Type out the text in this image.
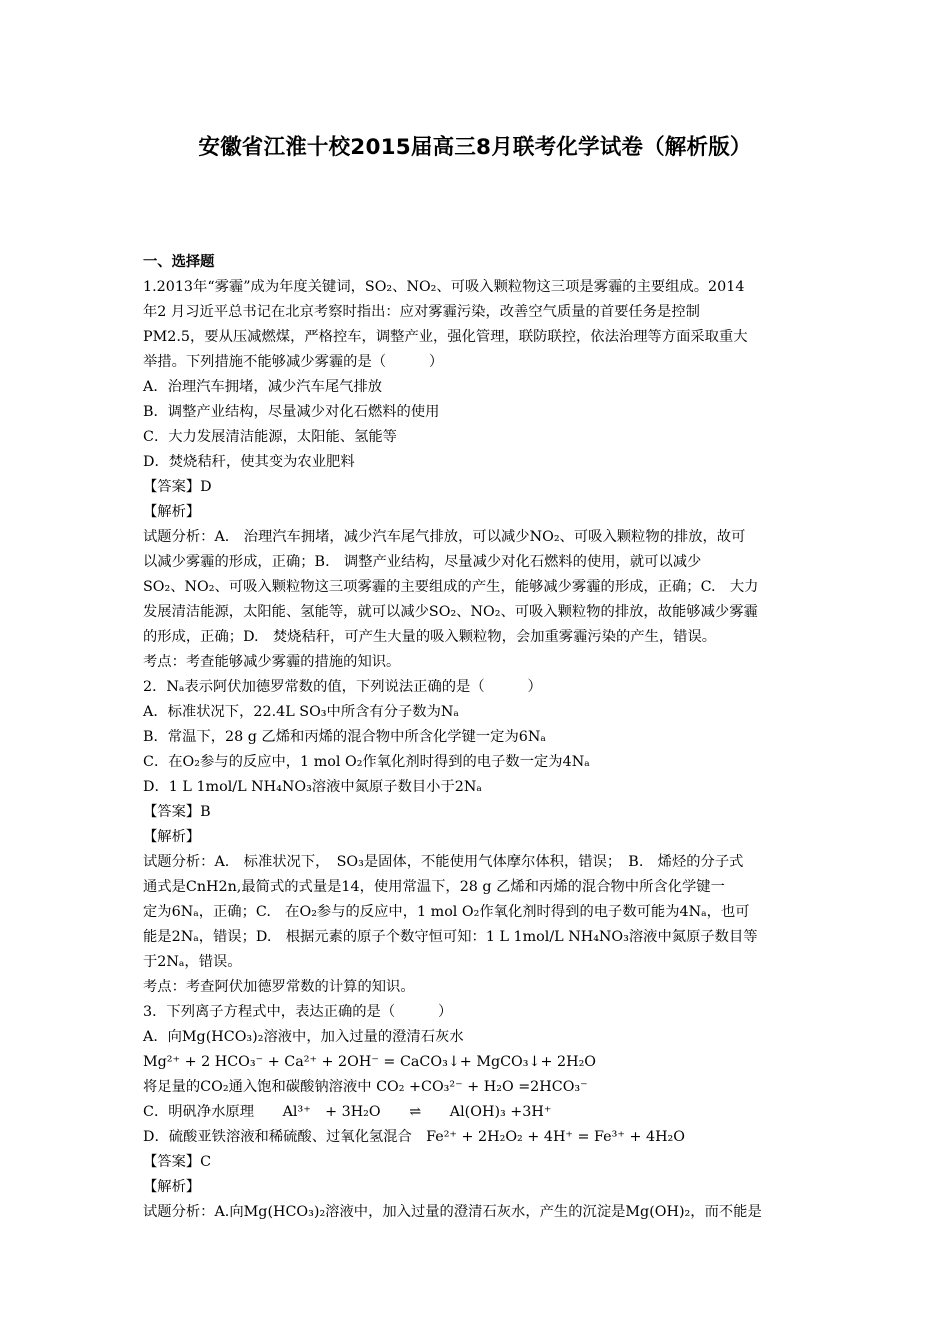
安徽省江淮十校2015届高三8月联考化学试卷（解析版）
一、选择题
1.2013年“雾霾”成为年度关键词，SO₂、NO₂、可吸入颗粒物这三项是雾霾的主要组成。2014
年2 月习近平总书记在北京考察时指出：应对雾霾污染，改善空气质量的首要任务是控制
PM2.5，要从压减燃煤，严格控车，调整产业，强化管理，联防联控，依法治理等方面采取重大
举措。下列措施不能够减少雾霾的是（　　　）
A．治理汽车拥堵，减少汽车尾气排放
B．调整产业结构，尽量减少对化石燃料的使用
C．大力发展清洁能源，太阳能、氢能等
D．焚烧秸秆，使其变为农业肥料
【答案】D
【解析】
试题分析：A.　治理汽车拥堵，减少汽车尾气排放，可以减少NO₂、可吸入颗粒物的排放，故可
以减少雾霾的形成，正确；B.　调整产业结构，尽量减少对化石燃料的使用，就可以减少
SO₂、NO₂、可吸入颗粒物这三项雾霾的主要组成的产生，能够减少雾霾的形成，正确；C.　大力
发展清洁能源，太阳能、氢能等，就可以减少SO₂、NO₂、可吸入颗粒物的排放，故能够减少雾霾
的形成，正确；D.　焚烧秸秆，可产生大量的吸入颗粒物，会加重雾霾污染的产生，错误。
考点：考查能够减少雾霾的措施的知识。
2．Nₐ表示阿伏加德罗常数的值，下列说法正确的是（　　　）
A．标准状况下，22.4L SO₃中所含有分子数为Nₐ
B．常温下，28 g 乙烯和丙烯的混合物中所含化学键一定为6Nₐ
C．在O₂参与的反应中，1 mol O₂作氧化剂时得到的电子数一定为4Nₐ
D．1 L 1mol/L NH₄NO₃溶液中氮原子数目小于2Nₐ
【答案】B
【解析】
试题分析：A.　标准状况下，　SO₃是固体，不能使用气体摩尔体积，错误；　B.　烯烃的分子式
通式是CnH2n,最简式的式量是14，使用常温下，28 g 乙烯和丙烯的混合物中所含化学键一
定为6Nₐ，正确；C.　在O₂参与的反应中，1 mol O₂作氧化剂时得到的电子数可能为4Nₐ，也可
能是2Nₐ，错误；D.　根据元素的原子个数守恒可知：1 L 1mol/L NH₄NO₃溶液中氮原子数目等
于2Nₐ，错误。
考点：考查阿伏加德罗常数的计算的知识。
3．下列离子方程式中，表达正确的是（　　　）
A．向Mg(HCO₃)₂溶液中，加入过量的澄清石灰水
Mg²⁺ + 2 HCO₃⁻ + Ca²⁺ + 2OH⁻ = CaCO₃↓+ MgCO₃↓+ 2H₂O
将足量的CO₂通入饱和碳酸钠溶液中 CO₂ +CO₃²⁻ + H₂O =2HCO₃⁻
C．明矾净水原理　　Al³⁺　+ 3H₂O　　⇌　　Al(OH)₃ +3H⁺
D．硫酸亚铁溶液和稀硫酸、过氧化氢混合　Fe²⁺ + 2H₂O₂ + 4H⁺ = Fe³⁺ + 4H₂O
【答案】C
【解析】
试题分析：A.向Mg(HCO₃)₂溶液中，加入过量的澄清石灰水，产生的沉淀是Mg(OH)₂，而不能是
